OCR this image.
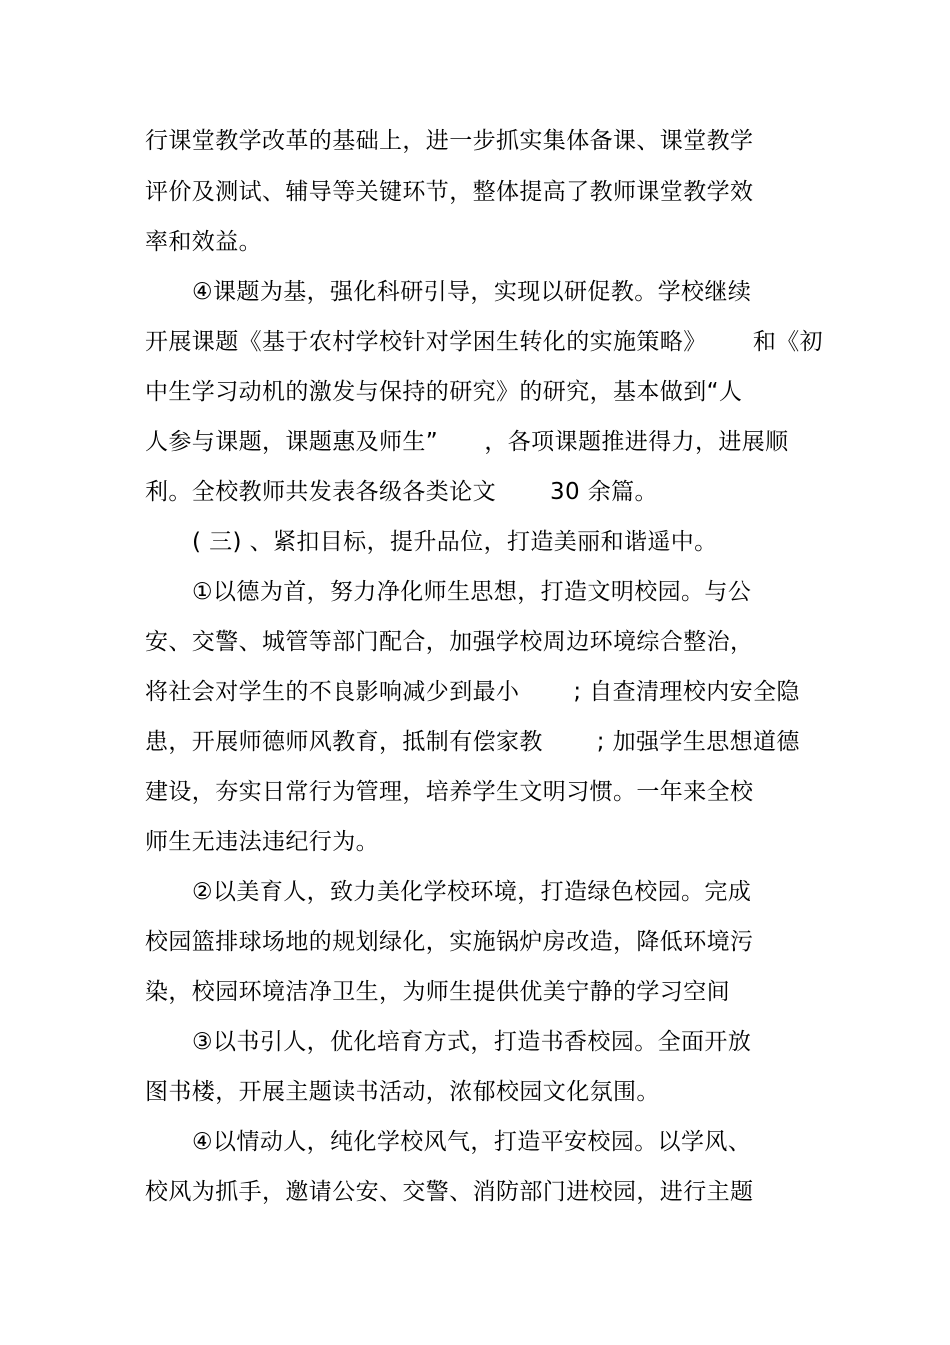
行课堂教学改革的基础上，进一步抓实集体备课、课堂教学
评价及测试、辅导等关键环节，整体提高了教师课堂教学效
率和效益。
④课题为基，强化科研引导，实现以研促教。学校继续
开展课题《基于农村学校针对学困生转化的实施策略》      和《初
中生学习动机的激发与保持的研究》的研究，基本做到“人
人参与课题，课题惠及师生”      ，各项课题推进得力，进展顺
利。全校教师共发表各级各类论文       30 余篇。
( 三) 、紧扣目标，提升品位，打造美丽和谐遥中。
①以德为首，努力净化师生思想，打造文明校园。与公
安、交警、城管等部门配合，加强学校周边环境综合整治，
将社会对学生的不良影响减少到最小       ; 自查清理校内安全隐
患，开展师德师风教育，抵制有偿家教       ; 加强学生思想道德
建设，夯实日常行为管理，培养学生文明习惯。一年来全校
师生无违法违纪行为。
②以美育人，致力美化学校环境，打造绿色校园。完成
校园篮排球场地的规划绿化，实施锅炉房改造，降低环境污
染，校园环境洁净卫生，为师生提供优美宁静的学习空间
③以书引人，优化培育方式，打造书香校园。全面开放
图书楼，开展主题读书活动，浓郁校园文化氛围。
④以情动人，纯化学校风气，打造平安校园。以学风、
校风为抓手，邀请公安、交警、消防部门进校园，进行主题
